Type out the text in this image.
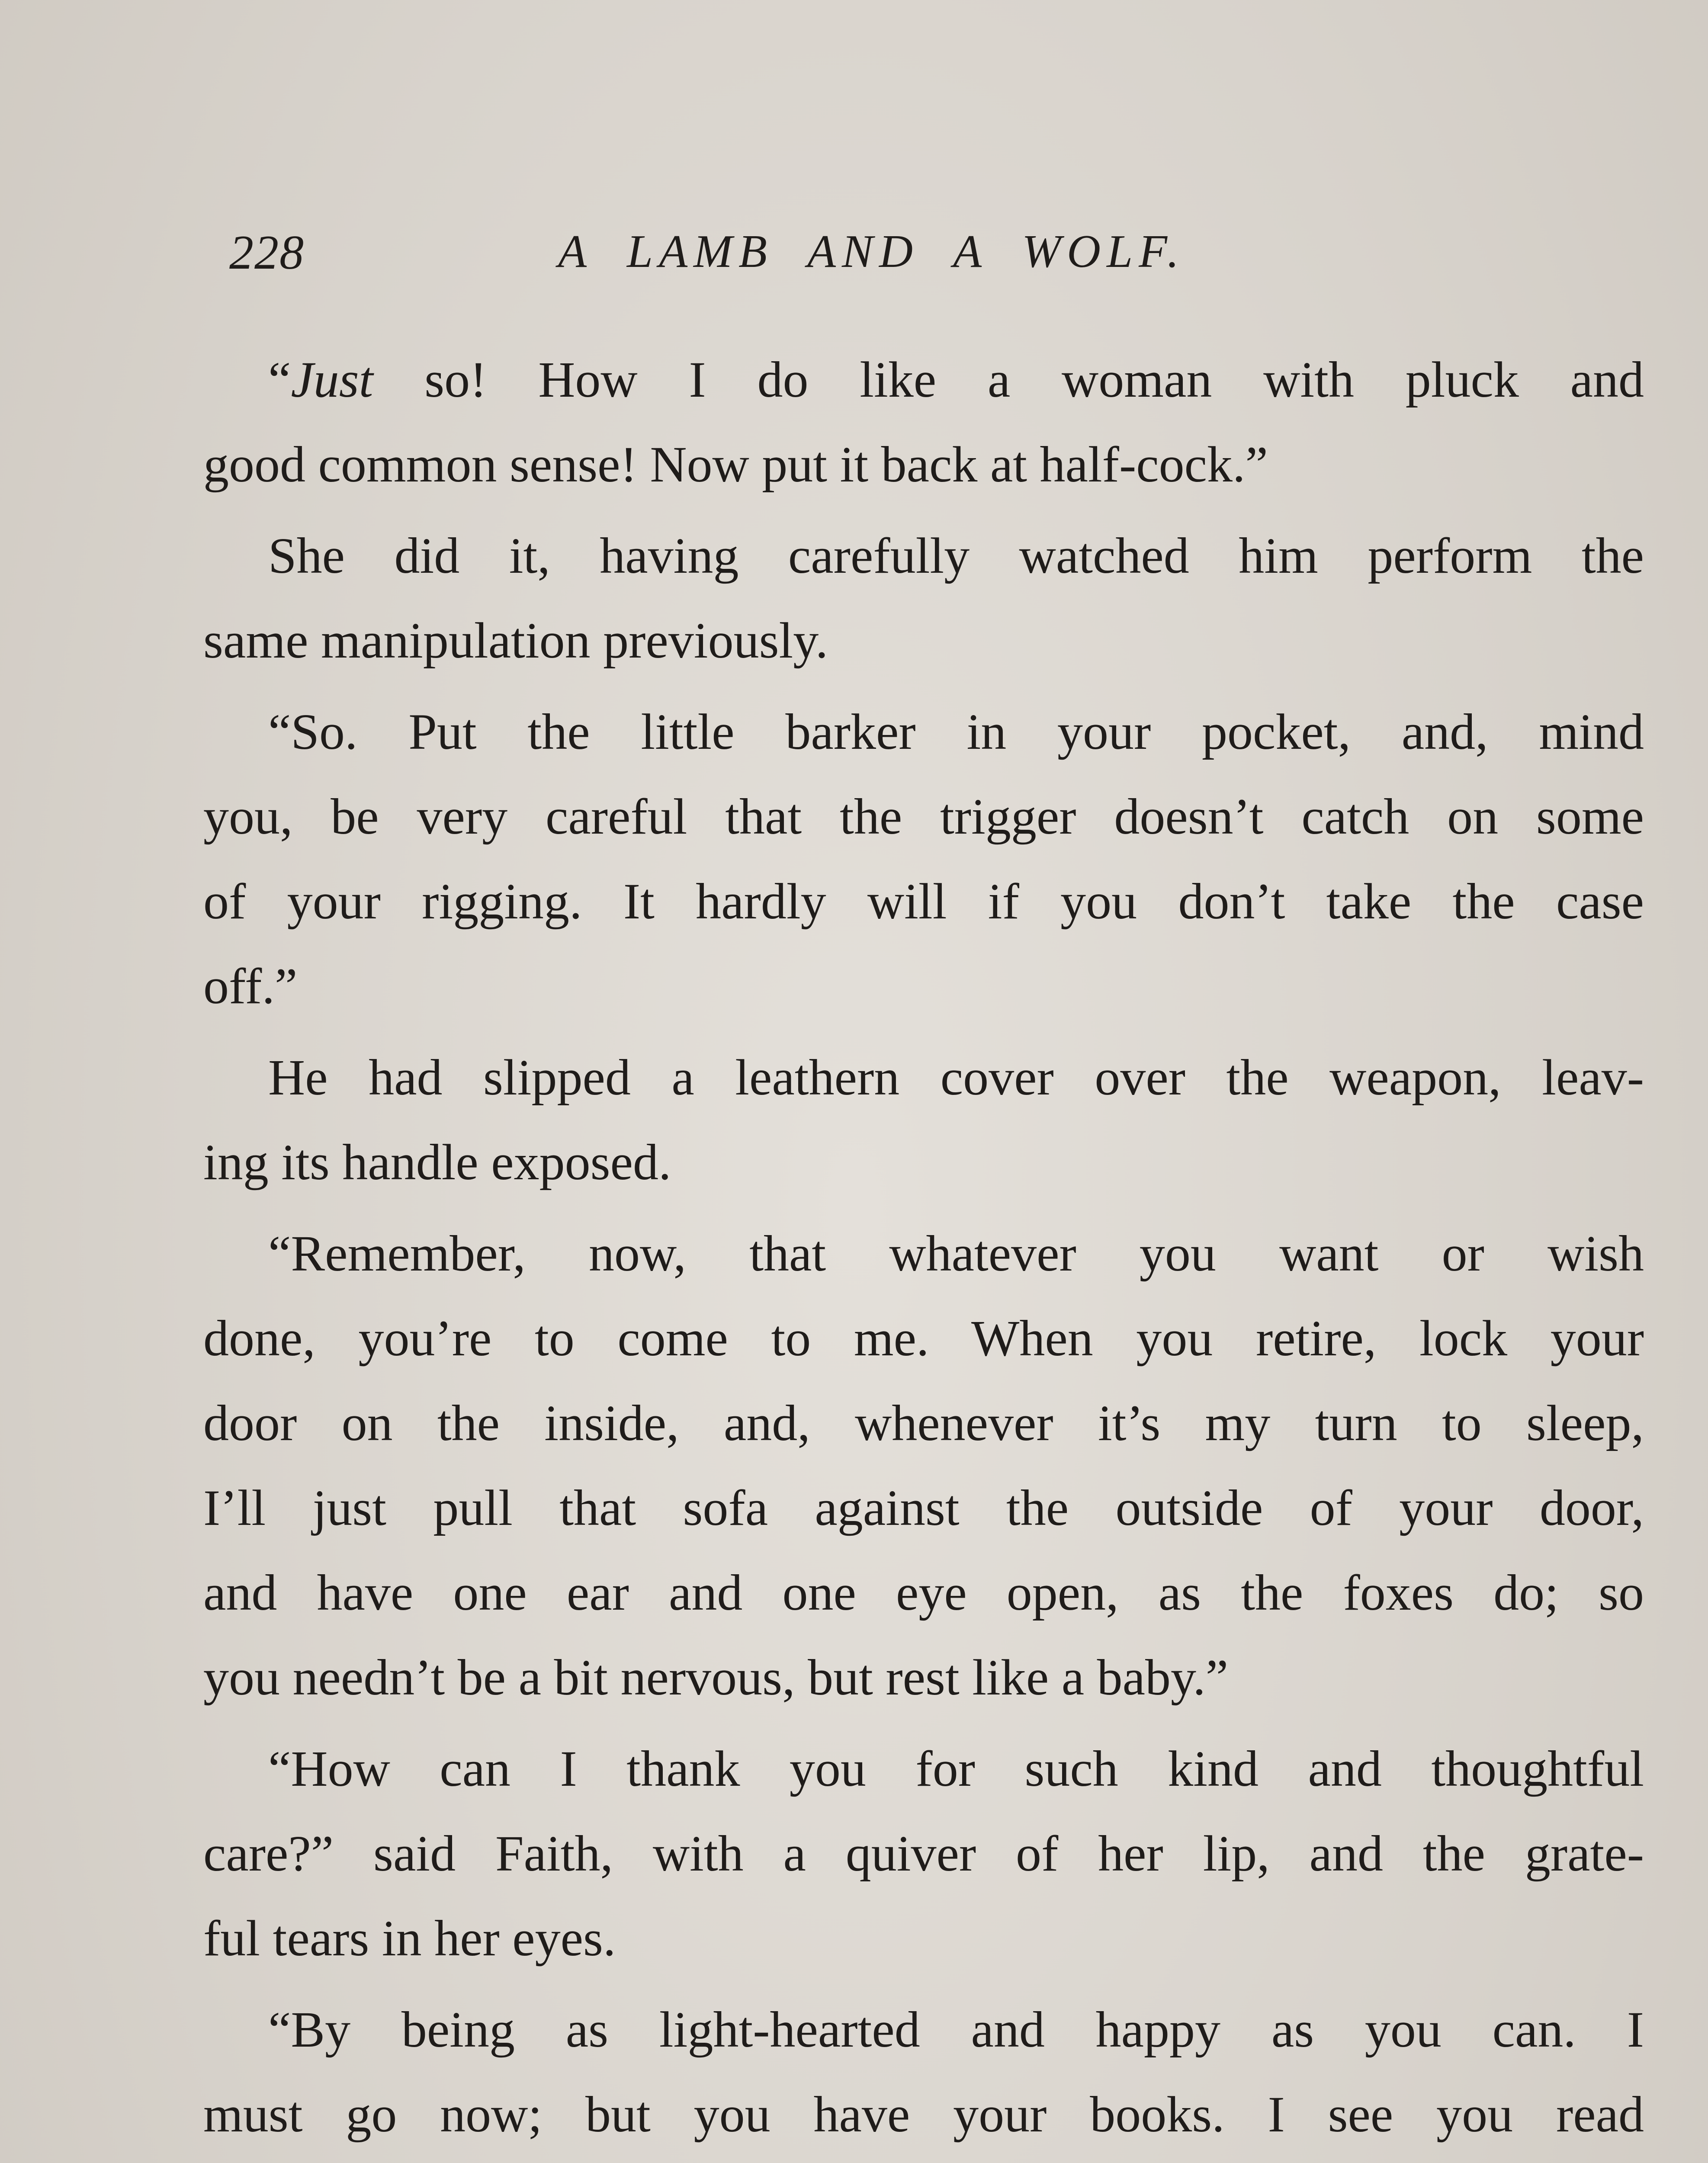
228	A LAMB AND A WOLF.
“Just so! How I do like a woman with pluck and
good common sense! Now put it back at half-cock.”
She did it, having carefully watched him perform the
same manipulation previously.
“So. Put the little barker in your pocket, and, mind
you, be very careful that the trigger doesn’t catch on some
of your rigging. It hardly will if you don’t take the case
off.”
He had slipped a leathern cover over the weapon, leav-
ing its handle exposed.
“Remember, now, that whatever you want or wish
done, you’re to come to me. When you retire, lock your
door on the inside, and, whenever it’s my turn to sleep,
I’ll just pull that sofa against the outside of your door,
and have one ear and one eye open, as the foxes do; so
you needn’t be a bit nervous, but rest like a baby.”
“How can I thank you for such kind and thoughtful
care?” said Faith, with a quiver of her lip, and the grate-
ful tears in her eyes.
“By being as light-hearted and happy as you can. I
must go now; but you have your books. I see you read
